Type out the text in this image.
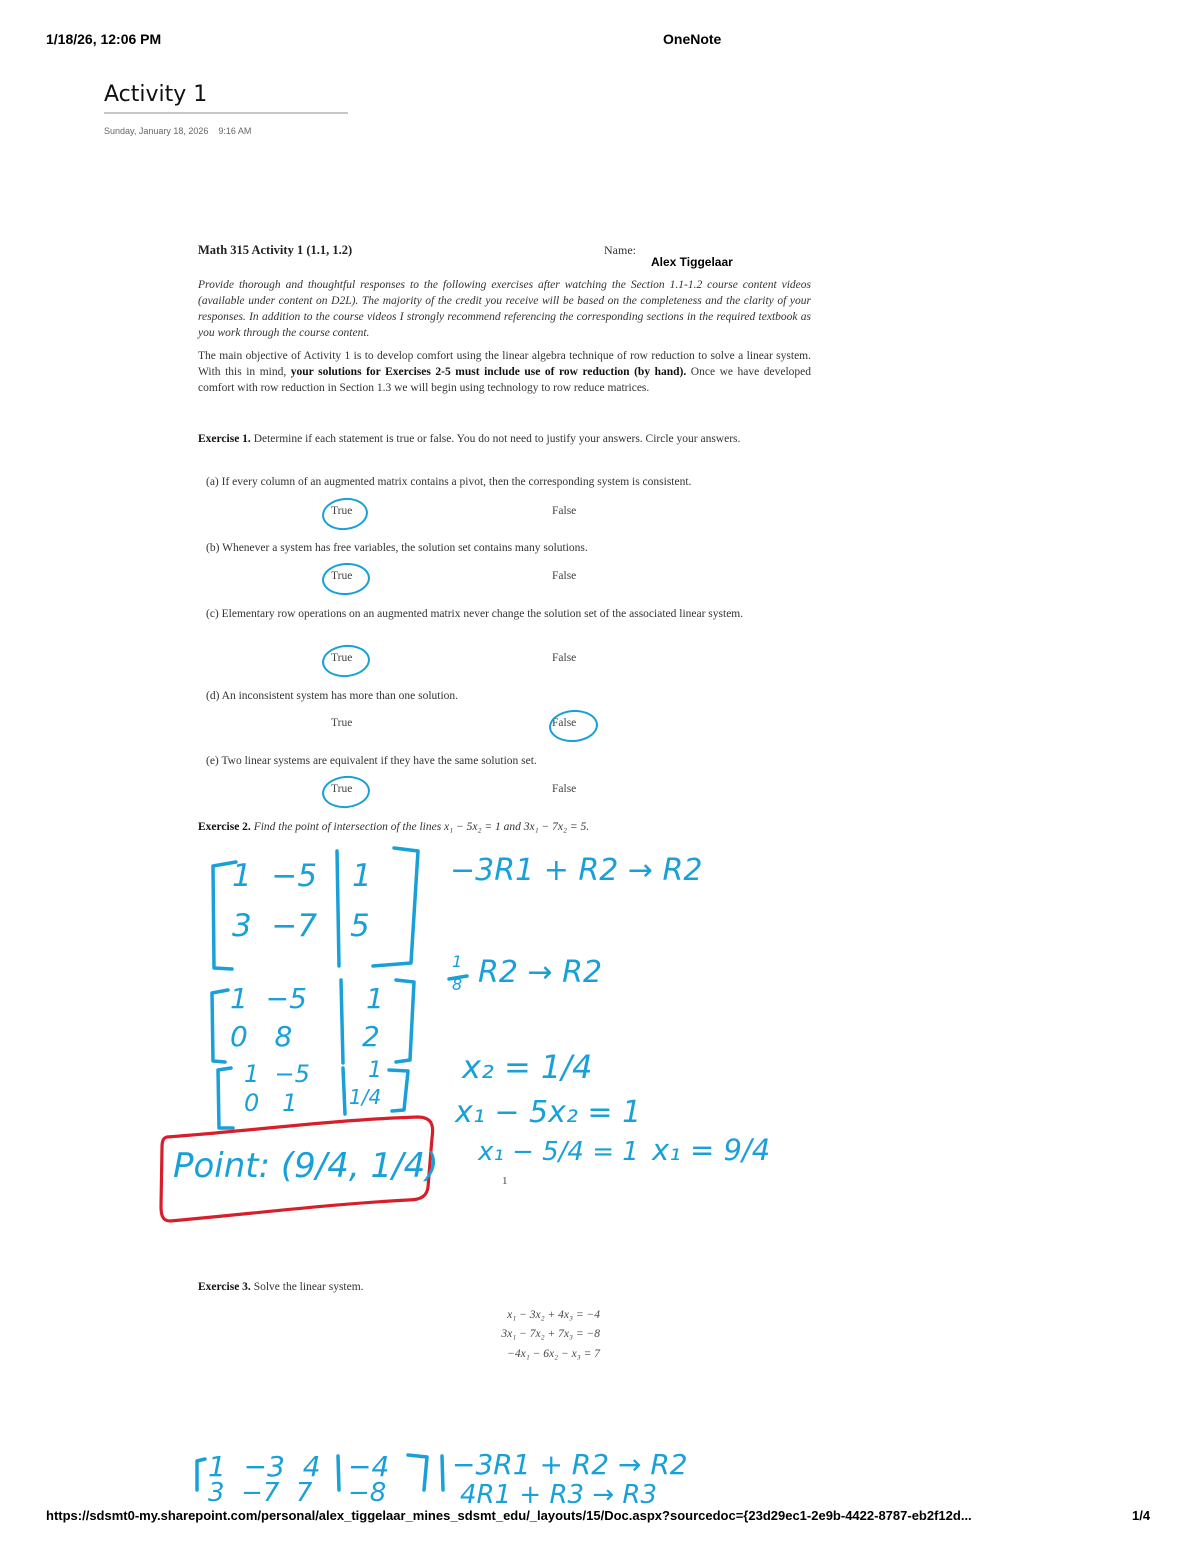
1/18/26, 12:06 PM	OneNote
Activity 1
Sunday, January 18, 2026    9:16 AM
Math 315 Activity 1 (1.1, 1.2)	Name:
Alex Tiggelaar
Provide thorough and thoughtful responses to the following exercises after watching the Section 1.1-1.2 course content videos (available under content on D2L). The majority of the credit you receive will be based on the completeness and the clarity of your responses. In addition to the course videos I strongly recommend referencing the corresponding sections in the required textbook as you work through the course content.
The main objective of Activity 1 is to develop comfort using the linear algebra technique of row reduction to solve a linear system. With this in mind, your solutions for Exercises 2-5 must include use of row reduction (by hand). Once we have developed comfort with row reduction in Section 1.3 we will begin using technology to row reduce matrices.
Exercise 1. Determine if each statement is true or false. You do not need to justify your answers. Circle your answers.
(a) If every column of an augmented matrix contains a pivot, then the corresponding system is consistent.
True	False
(b) Whenever a system has free variables, the solution set contains many solutions.
True	False
(c) Elementary row operations on an augmented matrix never change the solution set of the associated linear system.
True	False
(d) An inconsistent system has more than one solution.
True	False
(e) Two linear systems are equivalent if they have the same solution set.
True	False
Exercise 2. Find the point of intersection of the lines x₁ − 5x₂ = 1 and 3x₁ − 7x₂ = 5.
1  −5 1
3  −7 5
−3R1 + R2 → R2
1
8 R2 → R2
1  −5 1
0   8 2
1  −5	1
0   1	1/4
x₂ = 1/4
x₁ − 5x₂ = 1
x₁ − 5/4 = 1 x₁ = 9/4
Point: (9/4, 1/4)	1
Exercise 3. Solve the linear system.
x₁ − 3x₂ + 4x₃ = −4
3x₁ − 7x₂ + 7x₃ = −8
−4x₁ − 6x₂ − x₃ = 7
1  −3  4 −4
3  −7  7 −8
−3R1 + R2 → R2
4R1 + R3 → R3
https://sdsmt0-my.sharepoint.com/personal/alex_tiggelaar_mines_sdsmt_edu/_layouts/15/Doc.aspx?sourcedoc={23d29ec1-2e9b-4422-8787-eb2f12d...	1/4
